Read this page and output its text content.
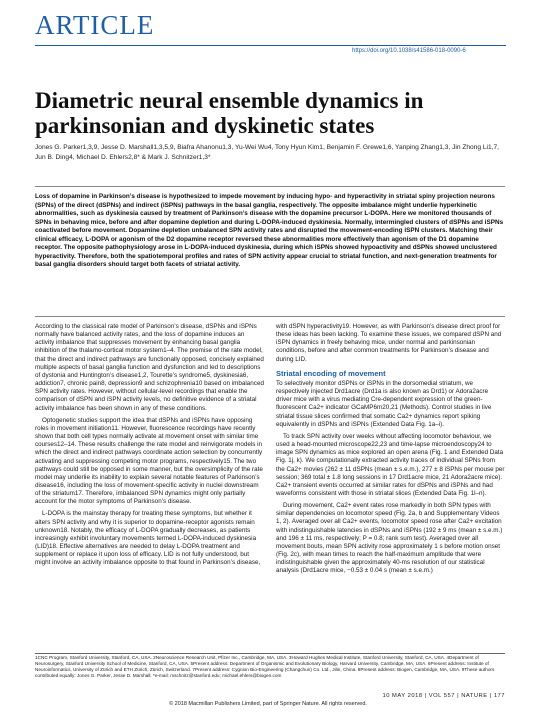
ARTICLE
https://doi.org/10.1038/s41586-018-0090-6
Diametric neural ensemble dynamics in parkinsonian and dyskinetic states
Jones G. Parker1,3,9, Jesse D. Marshall1,3,5,9, Biafra Ahanonu1,3, Yu-Wei Wu4, Tony Hyun Kim1, Benjamin F. Grewe1,6, Yanping Zhang1,3, Jin Zhong Li1,7, Jun B. Ding4, Michael D. Ehlers2,8* & Mark J. Schnitzer1,3*
Loss of dopamine in Parkinson’s disease is hypothesized to impede movement by inducing hypo- and hyperactivity in striatal spiny projection neurons (SPNs) of the direct (dSPNs) and indirect (iSPNs) pathways in the basal ganglia, respectively. The opposite imbalance might underlie hyperkinetic abnormalities, such as dyskinesia caused by treatment of Parkinson’s disease with the dopamine precursor L-DOPA. Here we monitored thousands of SPNs in behaving mice, before and after dopamine depletion and during L-DOPA-induced dyskinesia. Normally, intermingled clusters of dSPNs and iSPNs coactivated before movement. Dopamine depletion unbalanced SPN activity rates and disrupted the movement-encoding iSPN clusters. Matching their clinical efficacy, L-DOPA or agonism of the D2 dopamine receptor reversed these abnormalities more effectively than agonism of the D1 dopamine receptor. The opposite pathophysiology arose in L-DOPA-induced dyskinesia, during which iSPNs showed hypoactivity and dSPNs showed unclustered hyperactivity. Therefore, both the spatiotemporal profiles and rates of SPN activity appear crucial to striatal function, and next-generation treatments for basal ganglia disorders should target both facets of striatal activity.

According to the classical rate model of Parkinson’s disease, dSPNs and iSPNs normally have balanced activity rates, and the loss of dopamine induces an activity imbalance that suppresses movement by enhancing basal ganglia inhibition of the thalamo-cortical motor system1–4. The premise of the rate model, that the direct and indirect pathways are functionally opposed, concisely explained multiple aspects of basal ganglia function and dysfunction and led to descriptions of dystonia and Huntington’s disease1,2, Tourette’s syndrome5, dyskinesia6, addiction7, chronic pain8, depression9 and schizophrenia10 based on imbalanced SPN activity rates. However, without cellular-level recordings that enable the comparison of dSPN and iSPN activity levels, no definitive evidence of a striatal activity imbalance has been shown in any of these conditions.

Optogenetic studies support the idea that dSPNs and iSPNs have opposing roles in movement initiation11. However, fluorescence recordings have recently shown that both cell types normally activate at movement onset with similar time courses12–14. These results challenge the rate model and reinvigorate models in which the direct and indirect pathways coordinate action selection by concurrently activating and suppressing competing motor programs, respectively15. The two pathways could still be opposed in some manner, but the oversimplicity of the rate model may underlie its inability to explain several notable features of Parkinson’s disease16, including the loss of movement-specific activity in nuclei downstream of the striatum17. Therefore, imbalanced SPN dynamics might only partially account for the motor symptoms of Parkinson’s disease.

L-DOPA is the mainstay therapy for treating these symptoms, but whether it alters SPN activity and why it is superior to dopamine-receptor agonists remain unknown18. Notably, the efficacy of L-DOPA gradually decreases, as patients increasingly exhibit involuntary movements termed L-DOPA-induced dyskinesia (LID)18. Effective alternatives are needed to delay L-DOPA treatment and supplement or replace it upon loss of efficacy. LID is not fully understood, but might involve an activity imbalance opposite to that found in Parkinson’s disease,

with dSPN hyperactivity19. However, as with Parkinson’s disease direct proof for these ideas has been lacking. To examine these issues, we compared dSPN and iSPN dynamics in freely behaving mice, under normal and parkinsonian conditions, before and after common treatments for Parkinson’s disease and during LID.

Striatal encoding of movement

To selectively monitor dSPNs or iSPNs in the dorsomedial striatum, we respectively injected Drd1acre (Drd1a is also known as Drd1) or Adora2acre driver mice with a virus mediating Cre-dependent expression of the green-fluorescent Ca2+ indicator GCaMP6m20,21 (Methods). Control studies in live striatal tissue slices confirmed that somatic Ca2+ dynamics report spiking equivalently in dSPNs and iSPNs (Extended Data Fig. 1a–i).

To track SPN activity over weeks without affecting locomotor behaviour, we used a head-mounted microscope22,23 and time-lapse microendoscopy24 to image SPN dynamics as mice explored an open arena (Fig. 1 and Extended Data Fig. 1j, k). We computationally extracted activity traces of individual SPNs from the Ca2+ movies (262 ± 11 dSPNs (mean ± s.e.m.), 277 ± 8 iSPNs per mouse per session; 369 total ± 1.8 long sessions in 17 Drd1acre mice, 21 Adora2acre mice). Ca2+ transient events occurred at similar rates for dSPNs and iSPNs and had waveforms consistent with those in striatal slices (Extended Data Fig. 1l–n).

During movement, Ca2+ event rates rose markedly in both SPN types with similar dependencies on locomotor speed (Fig. 2a, b and Supplementary Videos 1, 2). Averaged over all Ca2+ events, locomotor speed rose after Ca2+ excitation with indistinguishable latencies in dSPNs and iSPNs (192 ± 9 ms (mean ± s.e.m.) and 196 ± 11 ms, respectively; P = 0.8; rank sum test). Averaged over all movement bouts, mean SPN activity rose approximately 1 s before motion onset (Fig. 2c), with mean times to reach the half-maximum amplitude that were indistinguishable given the approximately 40-ms resolution of our statistical analysis (Drd1acre mice, −0.53 ± 0.04 s (mean ± s.e.m.)

1CNC Program, Stanford University, Stanford, CA, USA. 2Neuroscience Research Unit, Pfizer Inc., Cambridge, MA, USA. 3Howard Hughes Medical Institute, Stanford University, Stanford, CA, USA. 4Department of Neurosurgery, Stanford University School of Medicine, Stanford, CA, USA. 5Present address: Department of Organismic and Evolutionary Biology, Harvard University, Cambridge, MA, USA. 6Present address: Institute of Neuroinformatics, University of Zürich and ETH Zürich, Zürich, Switzerland. 7Present address: Cygnion Bio-Engineering (Changchun) Co. Ltd., Jilin, China. 8Present address: Biogen, Cambridge, MA, USA. 9These authors contributed equally: Jones G. Parker, Jesse D. Marshall. *e-mail: mschnitz@stanford.edu; michael.ehlers@biogen.com
10 MAY 2018 | VOL 557 | NATURE | 177
© 2018 Macmillan Publishers Limited, part of Springer Nature. All rights reserved.
